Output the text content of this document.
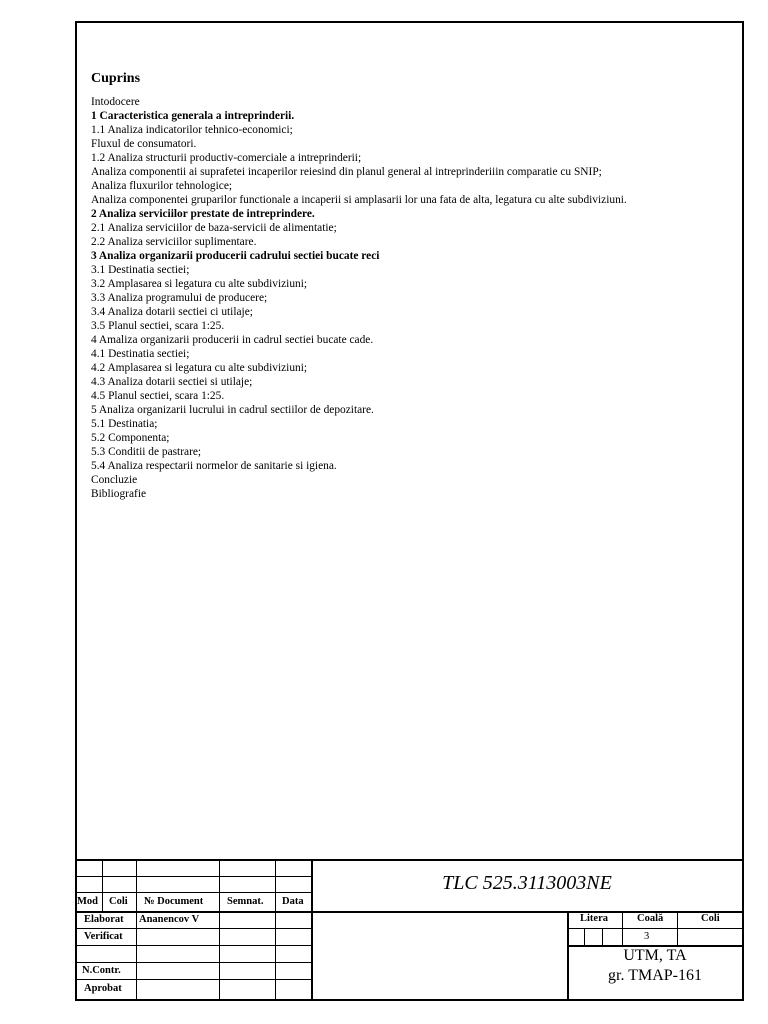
Cuprins
Intodocere
1 Caracteristica generala a intreprinderii.
1.1 Analiza indicatorilor tehnico-economici;
Fluxul de consumatori.
1.2 Analiza structurii productiv-comerciale a intreprinderii;
Analiza componentii ai suprafetei incaperilor reiesind din planul general al intreprinderiiin comparatie cu SNIP;
Analiza fluxurilor tehnologice;
Analiza componentei gruparilor functionale a incaperii si amplasarii lor una fata de alta, legatura cu alte subdiviziuni.
2 Analiza serviciilor prestate de intreprindere.
2.1 Analiza serviciilor de baza-servicii de alimentatie;
2.2 Analiza serviciilor suplimentare.
3 Analiza organizarii producerii cadrului sectiei bucate reci
3.1 Destinatia sectiei;
3.2 Amplasarea si legatura cu alte subdiviziuni;
3.3 Analiza programului de producere;
3.4 Analiza dotarii sectiei ci utilaje;
3.5 Planul sectiei, scara 1:25.
4 Amaliza organizarii producerii in cadrul sectiei bucate cade.
4.1 Destinatia sectiei;
4.2 Amplasarea si legatura cu alte subdiviziuni;
4.3 Analiza dotarii sectiei si utilaje;
4.5 Planul sectiei, scara 1:25.
5 Analiza organizarii lucrului in cadrul sectiilor de depozitare.
5.1 Destinatia;
5.2 Componenta;
5.3 Conditii de pastrare;
5.4 Analiza respectarii normelor de sanitarie si igiena.
Concluzie
Bibliografie
Mod Coli № Document Semnat. Data
Elaborat Ananencov V
Verificat
N.Contr.
Aprobat
TLC 525.3113003NE
Litera	Coală	Coli
3
UTM, TA
gr. TMAP-161
